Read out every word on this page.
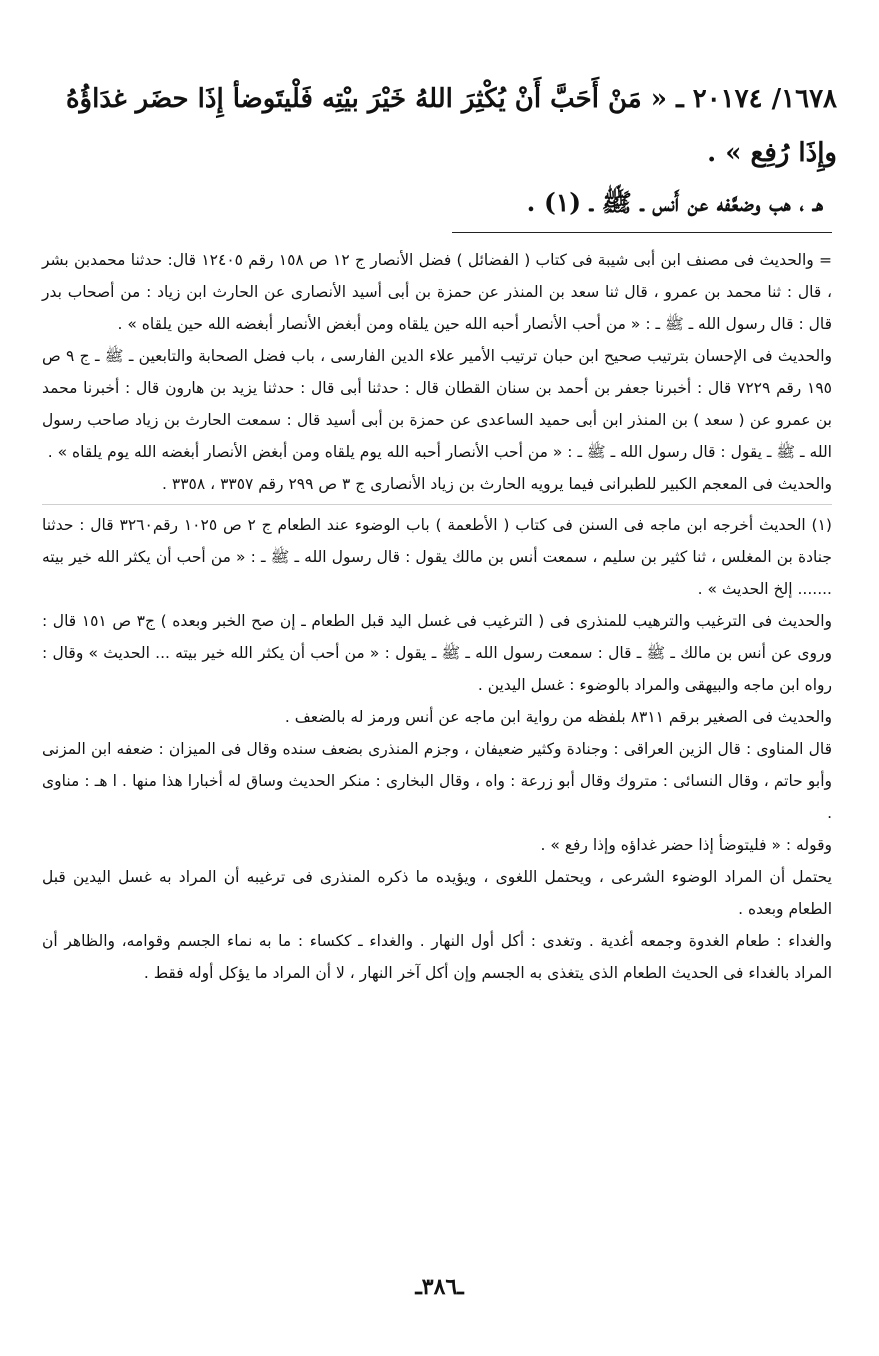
١٦٧٨/ ٢٠١٧٤ ـ « مَنْ أَحَبَّ أَنْ يُكْثِرَ اللهُ خَيْرَ بيْتِه فَلْيتَوضأ إِذَا حضَر غدَاؤُهُ وإِذَا رُفِع » .
هـ ، هب وضعَّفه عن أَنس ـ ﷺ ـ (١) .

= والحديث فى مصنف ابن أبى شيبة فى كتاب ( الفضائل ) فضل الأنصار ج ١٢ ص ١٥٨ رقم ١٢٤٠٥ قال: حدثنا محمدبن بشر ، قال : ثنا محمد بن عمرو ، قال ثنا سعد بن المنذر عن حمزة بن أبى أسيد الأنصارى عن الحارث ابن زياد : من أصحاب بدر قال : قال رسول الله ـ ﷺ ـ : « من أحب الأنصار أحبه الله حين يلقاه ومن أبغض الأنصار أبغضه الله حين يلقاه » .

والحديث فى الإحسان بترتيب صحيح ابن حبان ترتيب الأمير علاء الدين الفارسى ، باب فضل الصحابة والتابعين ـ ﷺ ـ ج ٩ ص ١٩٥ رقم ٧٢٢٩ قال : أخبرنا جعفر بن أحمد بن سنان القطان قال : حدثنا أبى قال : حدثنا يزيد بن هارون قال : أخبرنا محمد بن عمرو عن ( سعد ) بن المنذر ابن أبى حميد الساعدى عن حمزة بن أبى أسيد قال : سمعت الحارث بن زياد صاحب رسول الله ـ ﷺ ـ يقول : قال رسول الله ـ ﷺ ـ : « من أحب الأنصار أحبه الله يوم يلقاه ومن أبغض الأنصار أبغضه الله يوم يلقاه » .

والحديث فى المعجم الكبير للطبرانى فيما يرويه الحارث بن زياد الأنصارى ج ٣ ص ٢٩٩ رقم ٣٣٥٧ ، ٣٣٥٨ .

(١) الحديث أخرجه ابن ماجه فى السنن فى كتاب ( الأطعمة ) باب الوضوء عند الطعام ج ٢ ص ١٠٢٥ رقم٣٢٦٠ قال : حدثنا جنادة بن المغلس ، ثنا كثير بن سليم ، سمعت أنس بن مالك يقول : قال رسول الله ـ ﷺ ـ : « من أحب أن يكثر الله خير بيته ....... إلخ الحديث » .

والحديث فى الترغيب والترهيب للمنذرى فى ( الترغيب فى غسل اليد قبل الطعام ـ إن صح الخبر وبعده ) ج٣ ص ١٥١ قال : وروى عن أنس بن مالك ـ ﷺ ـ قال : سمعت رسول الله ـ ﷺ ـ يقول : « من أحب أن يكثر الله خير بيته ... الحديث » وقال : رواه ابن ماجه والبيهقى والمراد بالوضوء : غسل اليدين .

والحديث فى الصغير برقم ٨٣١١ بلفظه من رواية ابن ماجه عن أنس ورمز له بالضعف .

قال المناوى : قال الزين العراقى : وجنادة وكثير ضعيفان ، وجزم المنذرى بضعف سنده وقال فى الميزان : ضعفه ابن المزنى وأبو حاتم ، وقال النسائى : متروك وقال أبو زرعة : واه ، وقال البخارى : منكر الحديث وساق له أخبارا هذا منها . ا هـ : مناوى .

وقوله : « فليتوضأ إذا حضر غداؤه وإذا رفع » .

يحتمل أن المراد الوضوء الشرعى ، ويحتمل اللغوى ، ويؤيده ما ذكره المنذرى فى ترغيبه أن المراد به غسل اليدين قبل الطعام وبعده .

والغداء : طعام الغدوة وجمعه أغدية . وتغدى : أكل أول النهار . والغداء ـ ككساء : ما به نماء الجسم وقوامه، والظاهر أن المراد بالغداء فى الحديث الطعام الذى يتغذى به الجسم وإن أكل آخر النهار ، لا أن المراد ما يؤكل أوله فقط .

ـ٣٨٦ـ
